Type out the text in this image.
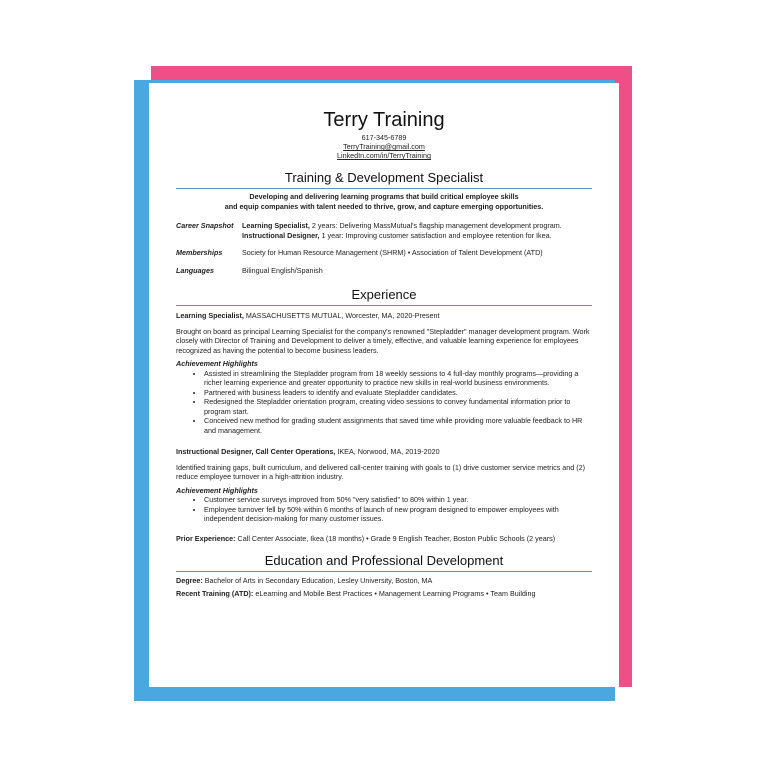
Terry Training
617-345-6789
TerryTraining@gmail.com
LinkedIn.com/in/TerryTraining
Training & Development Specialist
Developing and delivering learning programs that build critical employee skills
and equip companies with talent needed to thrive, grow, and capture emerging opportunities.
Career Snapshot	Learning Specialist, 2 years: Delivering MassMutual's flagship management development program.
Instructional Designer, 1 year: Improving customer satisfaction and employee retention for Ikea.
Memberships	Society for Human Resource Management (SHRM) • Association of Talent Development (ATD)
Languages	Bilingual English/Spanish
Experience
Learning Specialist, MASSACHUSETTS MUTUAL, Worcester, MA, 2020-Present
Brought on board as principal Learning Specialist for the company's renowned "Stepladder" manager development program. Work closely with Director of Training and Development to deliver a timely, effective, and valuable learning experience for employees recognized as having the potential to become business leaders.
Achievement Highlights
• Assisted in streamlining the Stepladder program from 18 weekly sessions to 4 full-day monthly programs—providing a richer learning experience and greater opportunity to practice new skills in real-world business environments.
• Partnered with business leaders to identify and evaluate Stepladder candidates.
• Redesigned the Stepladder orientation program, creating video sessions to convey fundamental information prior to program start.
• Conceived new method for grading student assignments that saved time while providing more valuable feedback to HR and management.
Instructional Designer, Call Center Operations, IKEA, Norwood, MA, 2019-2020
Identified training gaps, built curriculum, and delivered call-center training with goals to (1) drive customer service metrics and (2) reduce employee turnover in a high-attrition industry.
Achievement Highlights
• Customer service surveys improved from 50% "very satisfied" to 80% within 1 year.
• Employee turnover fell by 50% within 6 months of launch of new program designed to empower employees with independent decision-making for many customer issues.
Prior Experience: Call Center Associate, Ikea (18 months) • Grade 9 English Teacher, Boston Public Schools (2 years)
Education and Professional Development
Degree: Bachelor of Arts in Secondary Education, Lesley University, Boston, MA
Recent Training (ATD): eLearning and Mobile Best Practices • Management Learning Programs • Team Building
